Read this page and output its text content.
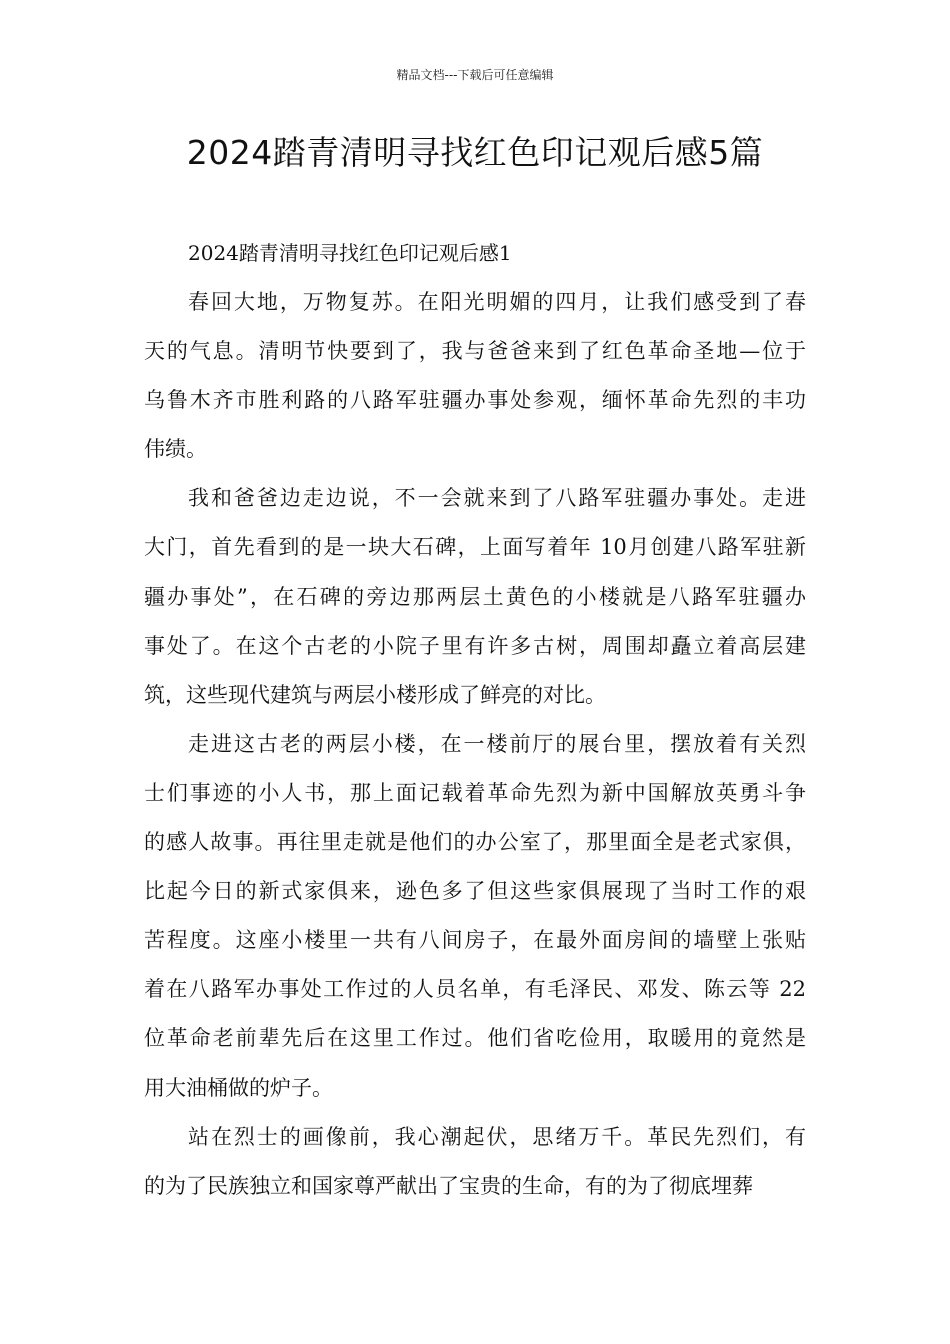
精品文档---下载后可任意编辑
2024踏青清明寻找红色印记观后感5篇

2024踏青清明寻找红色印记观后感1

春回大地，万物复苏。在阳光明媚的四月，让我们感受到了春
天的气息。清明节快要到了，我与爸爸来到了红色革命圣地—位于
乌鲁木齐市胜利路的八路军驻疆办事处参观，缅怀革命先烈的丰功
伟绩。

我和爸爸边走边说，不一会就来到了八路军驻疆办事处。走进
大门，首先看到的是一块大石碑，上面写着年 10月创建八路军驻新
疆办事处”，在石碑的旁边那两层土黄色的小楼就是八路军驻疆办
事处了。在这个古老的小院子里有许多古树，周围却矗立着高层建
筑，这些现代建筑与两层小楼形成了鲜亮的对比。

走进这古老的两层小楼，在一楼前厅的展台里，摆放着有关烈
士们事迹的小人书，那上面记载着革命先烈为新中国解放英勇斗争
的感人故事。再往里走就是他们的办公室了，那里面全是老式家俱，
比起今日的新式家俱来，逊色多了但这些家俱展现了当时工作的艰
苦程度。这座小楼里一共有八间房子，在最外面房间的墙壁上张贴
着在八路军办事处工作过的人员名单，有毛泽民、邓发、陈云等 22
位革命老前辈先后在这里工作过。他们省吃俭用，取暖用的竟然是
用大油桶做的炉子。

站在烈士的画像前，我心潮起伏，思绪万千。革民先烈们，有
的为了民族独立和国家尊严献出了宝贵的生命，有的为了彻底埋葬
